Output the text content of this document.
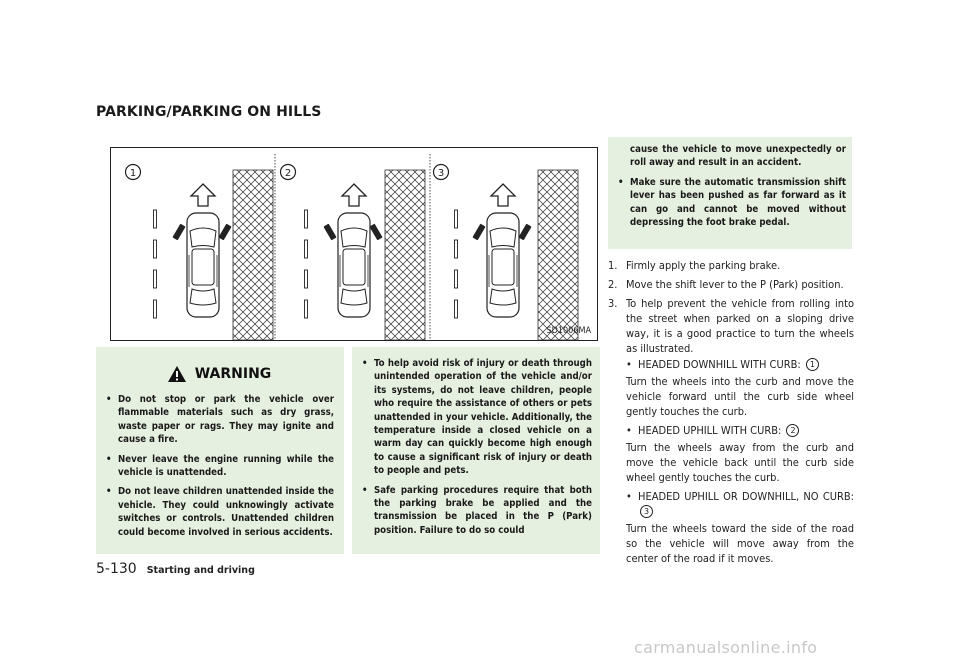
PARKING/PARKING ON HILLS
1	2	3
SD1006MA
WARNING
• Do not stop or park the vehicle over flammable materials such as dry grass, waste paper or rags. They may ignite and cause a fire.
• Never leave the engine running while the vehicle is unattended.
• Do not leave children unattended inside the vehicle. They could unknowingly activate switches or controls. Unattended children could become involved in serious accidents.
• To help avoid risk of injury or death through unintended operation of the vehicle and/or its systems, do not leave children, people who require the assistance of others or pets unattended in your vehicle. Additionally, the temperature inside a closed vehicle on a warm day can quickly become high enough to cause a significant risk of injury or death to people and pets.
• Safe parking procedures require that both the parking brake be applied and the transmission be placed in the P (Park) position. Failure to do so could
cause the vehicle to move unexpectedly or roll away and result in an accident.
• Make sure the automatic transmission shift lever has been pushed as far forward as it can go and cannot be moved without depressing the foot brake pedal.
1. Firmly apply the parking brake.
2. Move the shift lever to the P (Park) position.
3. To help prevent the vehicle from rolling into the street when parked on a sloping drive way, it is a good practice to turn the wheels as illustrated.
• HEADED DOWNHILL WITH CURB: 1
Turn the wheels into the curb and move the vehicle forward until the curb side wheel gently touches the curb.
• HEADED UPHILL WITH CURB: 2
Turn the wheels away from the curb and move the vehicle back until the curb side wheel gently touches the curb.
• HEADED UPHILL OR DOWNHILL, NO CURB: 3
Turn the wheels toward the side of the road so the vehicle will move away from the center of the road if it moves.
5-130 Starting and driving
carmanualsonline.info
